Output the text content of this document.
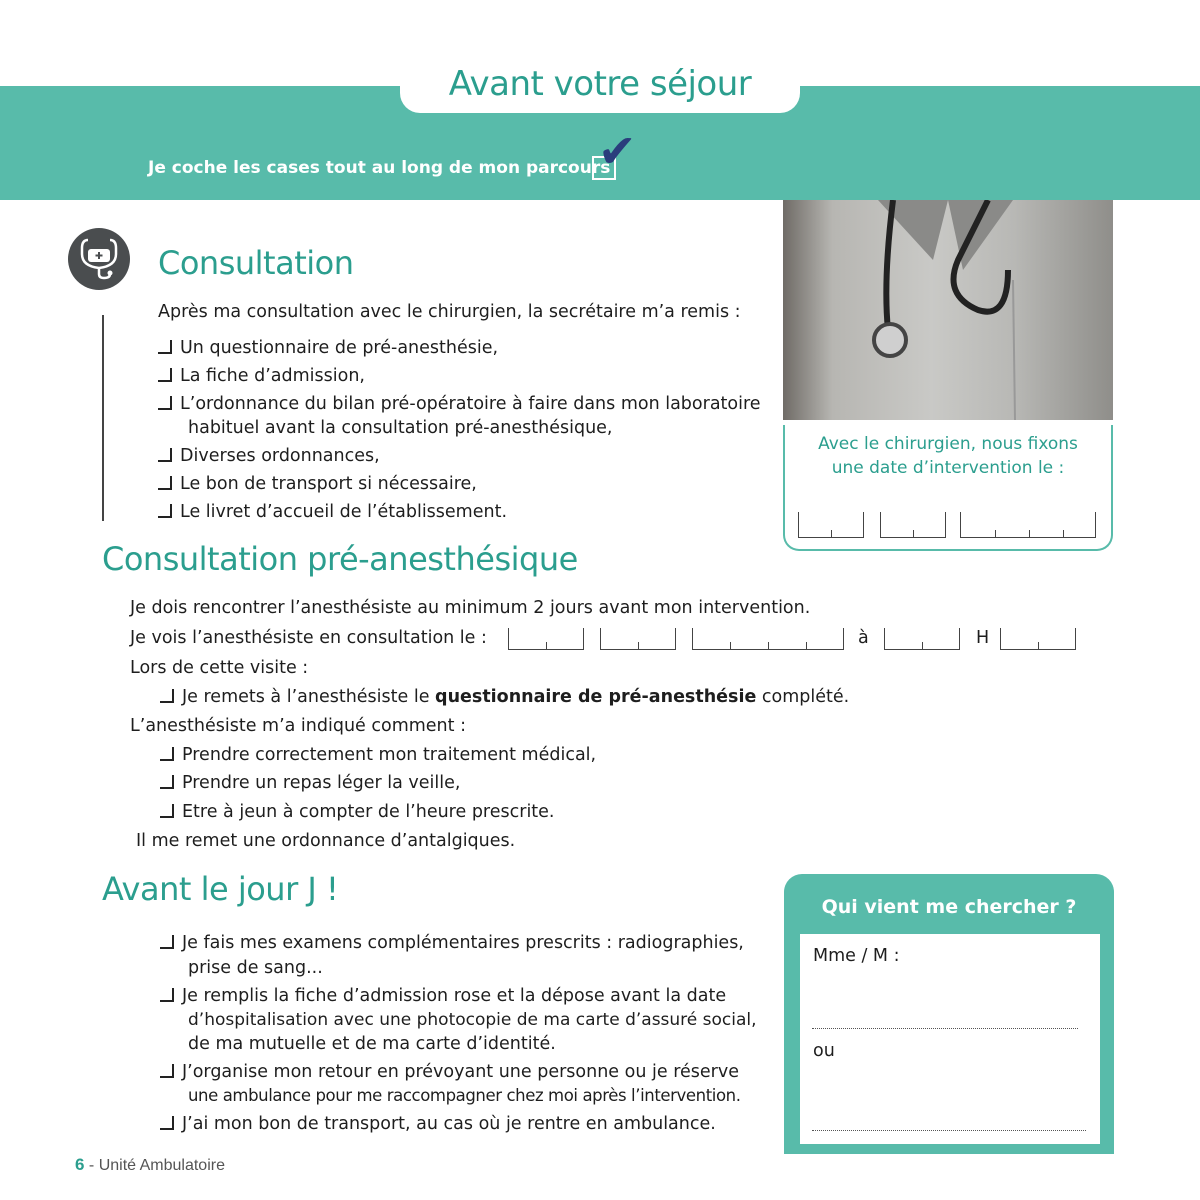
Avant votre séjour
Je coche les cases tout au long de mon parcours
✔
Consultation
Après ma consultation avec le chirurgien, la secrétaire m’a remis :
Un questionnaire de pré-anesthésie,
La fiche d’admission,
L’ordonnance du bilan pré-opératoire à faire dans mon laboratoire
habituel avant la consultation pré-anesthésique,
Diverses ordonnances,
Le bon de transport si nécessaire,
Le livret d’accueil de l’établissement.
Avec le chirurgien, nous fixons
une date d’intervention le :
Consultation pré-anesthésique
Je dois rencontrer l’anesthésiste au minimum 2 jours avant mon intervention.
Je vois l’anesthésiste en consultation le :	à	H
Lors de cette visite :
Je remets à l’anesthésiste le questionnaire de pré-anesthésie complété.
L’anesthésiste m’a indiqué comment :
Prendre correctement mon traitement médical,
Prendre un repas léger la veille,
Etre à jeun à compter de l’heure prescrite.
Il me remet une ordonnance d’antalgiques.
Avant le jour J !
Je fais mes examens complémentaires prescrits : radiographies,
prise de sang...
Je remplis la fiche d’admission rose et la dépose avant la date
d’hospitalisation avec une photocopie de ma carte d’assuré social,
de ma mutuelle et de ma carte d’identité.
J’organise mon retour en prévoyant une personne ou je réserve
une ambulance pour me raccompagner chez moi après l’intervention.
J’ai mon bon de transport, au cas où je rentre en ambulance.
Qui vient me chercher ?
Mme / M :
ou
6 - Unité Ambulatoire
